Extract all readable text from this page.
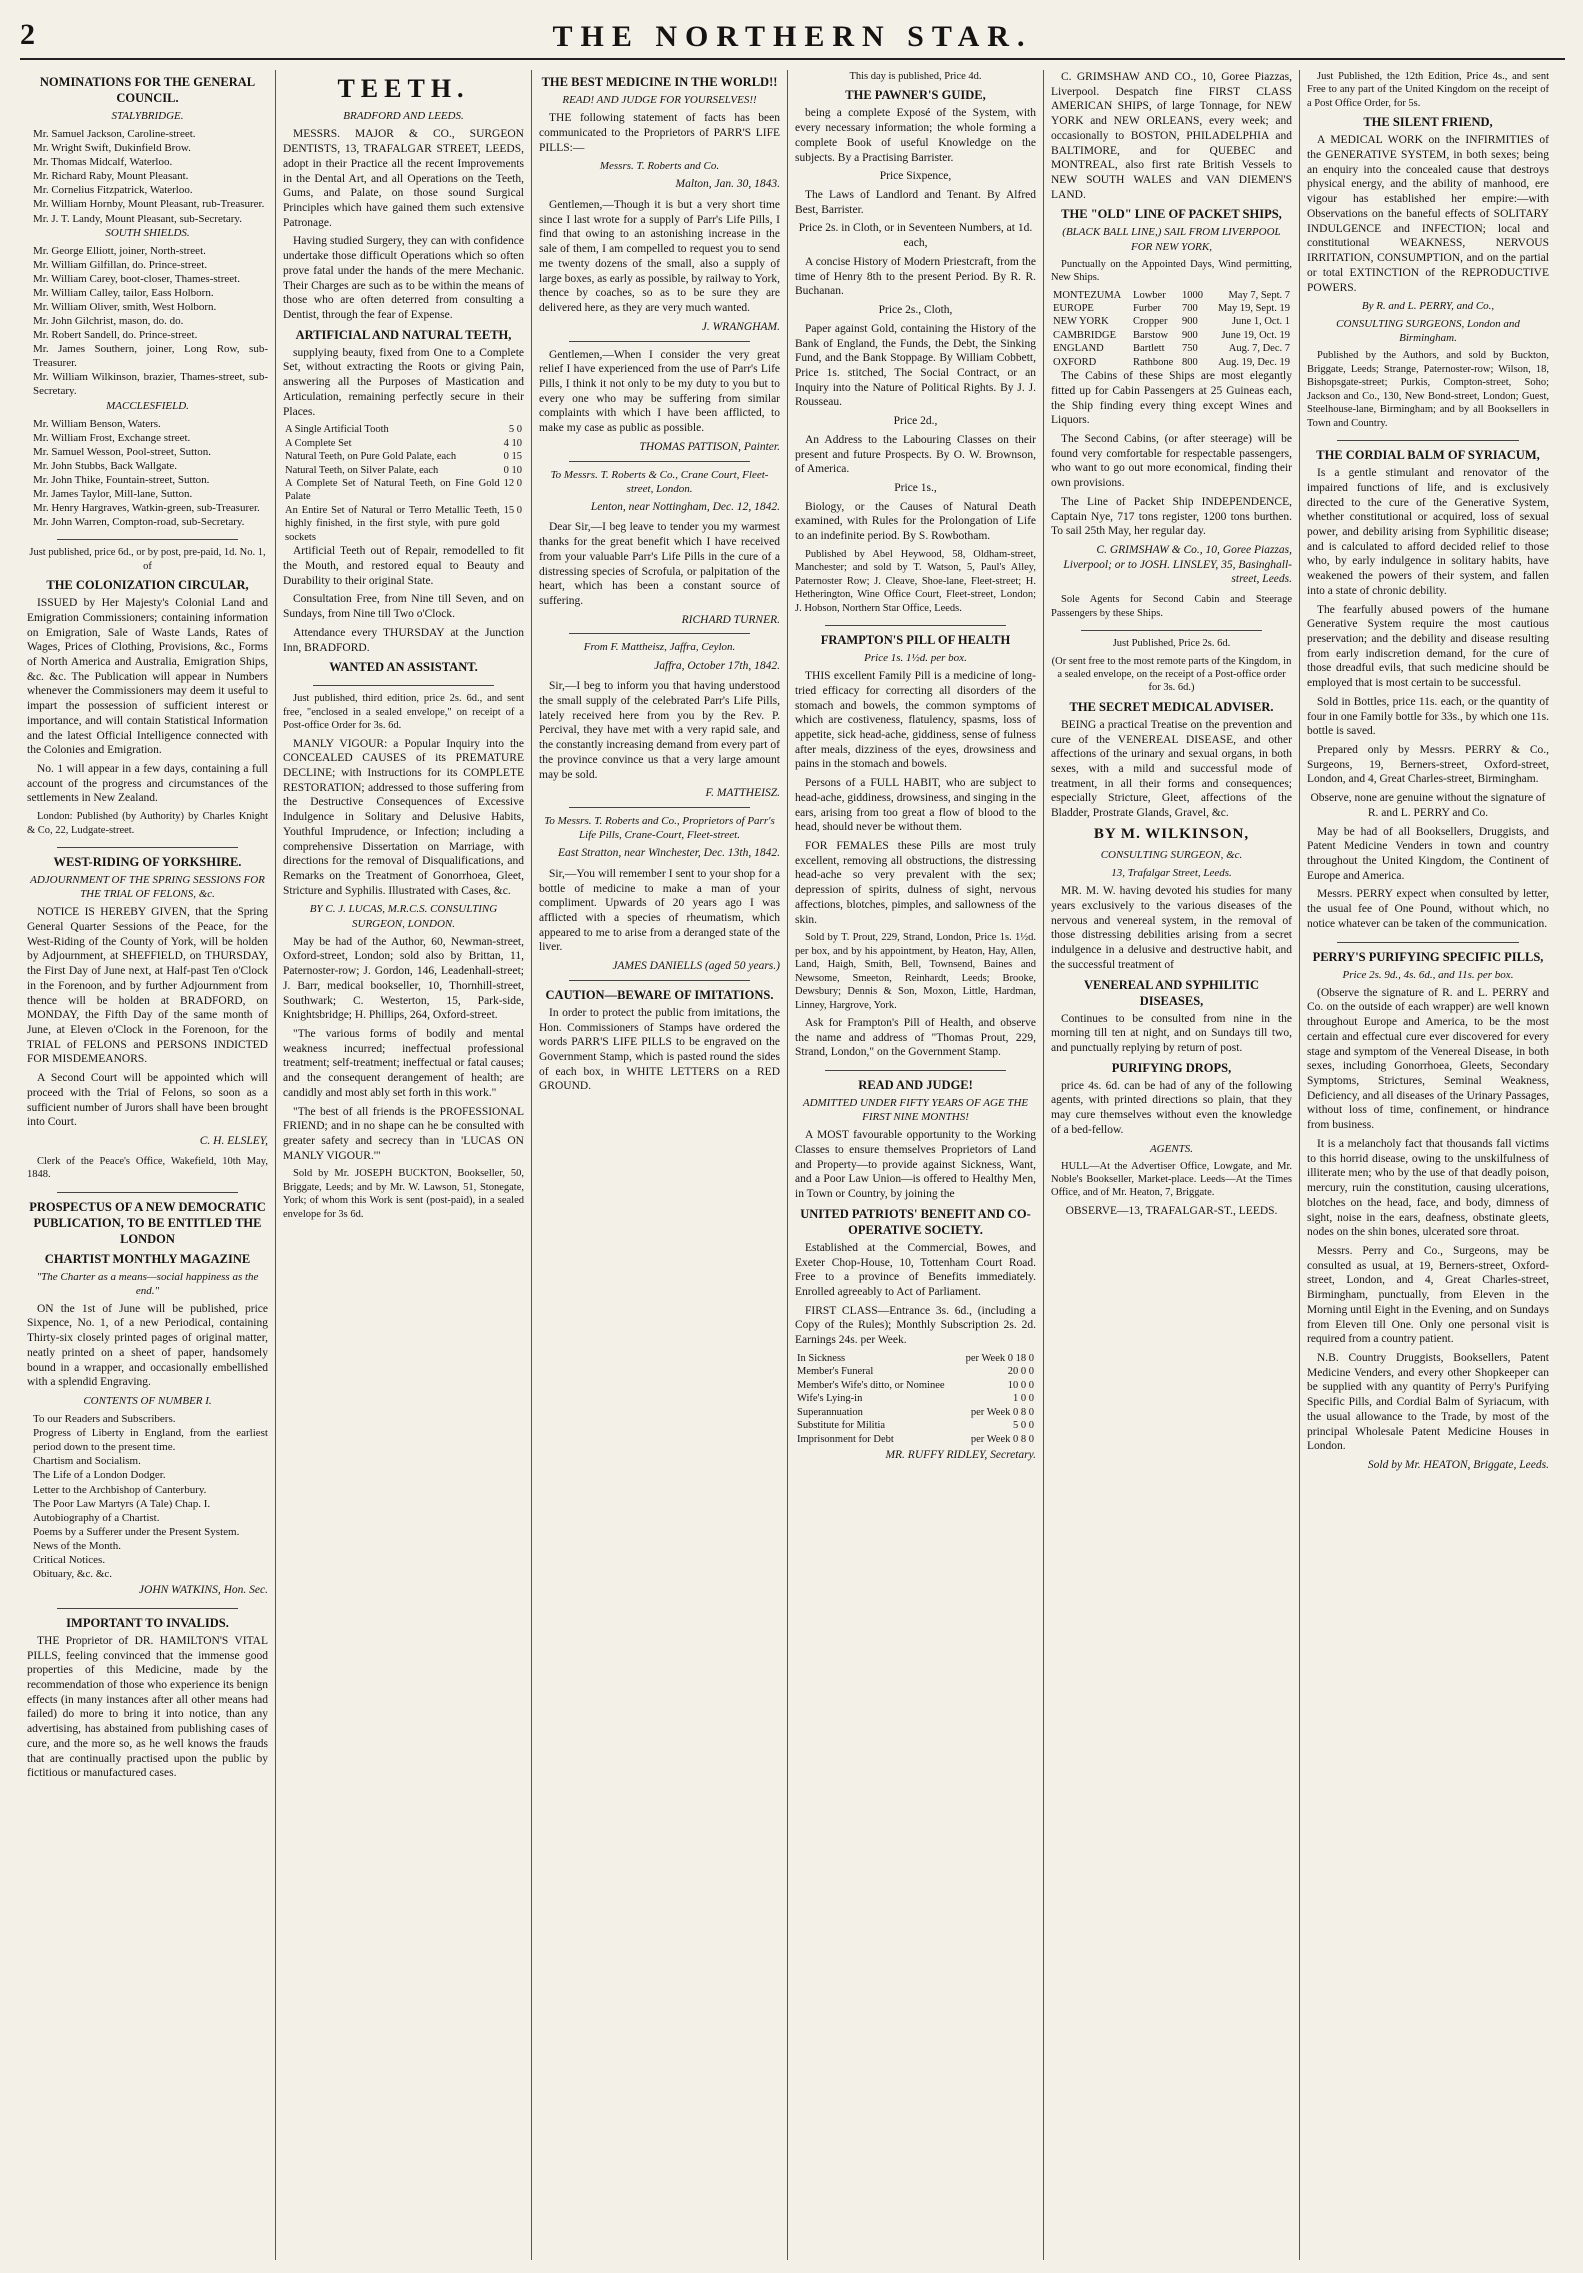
2	THE NORTHERN STAR.
NOMINATIONS FOR THE GENERAL COUNCIL.
STALYBRIDGE.
Mr. Samuel Jackson, Caroline-street.
Mr. Wright Swift, Dukinfield Brow.
Mr. Thomas Midcalf, Waterloo.
Mr. Richard Raby, Mount Pleasant.
Mr. Cornelius Fitzpatrick, Waterloo.
Mr. William Hornby, Mount Pleasant, rub-Treasurer.
Mr. J. T. Landy, Mount Pleasant, sub-Secretary.
SOUTH SHIELDS.
Mr. George Elliott, joiner, North-street.
Mr. William Gilfillan, do. Prince-street.
Mr. William Carey, boot-closer, Thames-street.
Mr. William Calley, tailor, Eass Holborn.
Mr. William Oliver, smith, West Holborn.
Mr. John Gilchrist, mason, do. do.
Mr. Robert Sandell, do. Prince-street.
Mr. James Southern, joiner, Long Row, sub-Treasurer.
Mr. William Wilkinson, brazier, Thames-street, sub-Secretary.
MACCLESFIELD.
Mr. William Benson, Waters.
Mr. William Frost, Exchange street.
Mr. Samuel Wesson, Pool-street, Sutton.
Mr. John Stubbs, Back Wallgate.
Mr. John Thike, Fountain-street, Sutton.
Mr. James Taylor, Mill-lane, Sutton.
Mr. Henry Hargraves, Watkin-green, sub-Treasurer.
Mr. John Warren, Compton-road, sub-Secretary.

Just published, price 6d., or by post, pre-paid, 1d. No. 1, of

THE COLONIZATION CIRCULAR,

ISSUED by Her Majesty's Colonial Land and Emigration Commissioners; containing information on Emigration, Sale of Waste Lands, Rates of Wages, Prices of Clothing, Provisions, &c., Forms of North America and Australia, Emigration Ships, &c. &c. The Publication will appear in Numbers whenever the Commissioners may deem it useful to impart the possession of sufficient interest or importance, and will contain Statistical Information and the latest Official Intelligence connected with the Colonies and Emigration.

No. 1 will appear in a few days, containing a full account of the progress and circumstances of the settlements in New Zealand.

London: Published (by Authority) by Charles Knight & Co, 22, Ludgate-street.

WEST-RIDING OF YORKSHIRE.
ADJOURNMENT OF THE SPRING SESSIONS FOR THE TRIAL OF FELONS, &c.

NOTICE IS HEREBY GIVEN, that the Spring General Quarter Sessions of the Peace, for the West-Riding of the County of York, will be holden by Adjournment, at SHEFFIELD, on THURSDAY, the First Day of June next, at Half-past Ten o'Clock in the Forenoon, and by further Adjournment from thence will be holden at BRADFORD, on MONDAY, the Fifth Day of the same month of June, at Eleven o'Clock in the Forenoon, for the TRIAL of FELONS and PERSONS INDICTED FOR MISDEMEANORS.

A Second Court will be appointed which will proceed with the Trial of Felons, so soon as a sufficient number of Jurors shall have been brought into Court.

C. H. ELSLEY,

Clerk of the Peace's Office, Wakefield, 10th May, 1848.

PROSPECTUS OF A NEW DEMOCRATIC PUBLICATION, TO BE ENTITLED THE LONDON
CHARTIST MONTHLY MAGAZINE
"The Charter as a means—social happiness as the end."

ON the 1st of June will be published, price Sixpence, No. 1, of a new Periodical, containing Thirty-six closely printed pages of original matter, neatly printed on a sheet of paper, handsomely bound in a wrapper, and occasionally embellished with a splendid Engraving.

CONTENTS OF NUMBER I.
To our Readers and Subscribers.
Progress of Liberty in England, from the earliest period down to the present time.
Chartism and Socialism.
The Life of a London Dodger.
Letter to the Archbishop of Canterbury.
The Poor Law Martyrs (A Tale) Chap. I.
Autobiography of a Chartist.
Poems by a Sufferer under the Present System.
News of the Month.
Critical Notices.
Obituary, &c. &c.
JOHN WATKINS, Hon. Sec.
IMPORTANT TO INVALIDS.

THE Proprietor of DR. HAMILTON'S VITAL PILLS, feeling convinced that the immense good properties of this Medicine, made by the recommendation of those who experience its benign effects (in many instances after all other means had failed) do more to bring it into notice, than any advertising, has abstained from publishing cases of cure, and the more so, as he well knows the frauds that are continually practised upon the public by fictitious or manufactured cases.

TEETH.
BRADFORD AND LEEDS.

MESSRS. MAJOR & CO., SURGEON DENTISTS, 13, TRAFALGAR STREET, LEEDS, adopt in their Practice all the recent Improvements in the Dental Art, and all Operations on the Teeth, Gums, and Palate, on those sound Surgical Principles which have gained them such extensive Patronage.

Having studied Surgery, they can with confidence undertake those difficult Operations which so often prove fatal under the hands of the mere Mechanic. Their Charges are such as to be within the means of those who are often deterred from consulting a Dentist, through the fear of Expense.

ARTIFICIAL AND NATURAL TEETH,

supplying beauty, fixed from One to a Complete Set, without extracting the Roots or giving Pain, answering all the Purposes of Mastication and Articulation, remaining perfectly secure in their Places.

A Single Artificial Tooth	5 0
A Complete Set	4 10
Natural Teeth, on Pure Gold Palate, each	0 15
Natural Teeth, on Silver Palate, each	0 10
A Complete Set of Natural Teeth, on Fine Gold Palate	12 0
An Entire Set of Natural or Terro Metallic Teeth, highly finished, in the first style, with pure gold sockets	15 0

Artificial Teeth out of Repair, remodelled to fit the Mouth, and restored equal to Beauty and Durability to their original State.

Consultation Free, from Nine till Seven, and on Sundays, from Nine till Two o'Clock.

Attendance every THURSDAY at the Junction Inn, BRADFORD.

WANTED AN ASSISTANT.

Just published, third edition, price 2s. 6d., and sent free, "enclosed in a sealed envelope," on receipt of a Post-office Order for 3s. 6d.

MANLY VIGOUR: a Popular Inquiry into the CONCEALED CAUSES of its PREMATURE DECLINE; with Instructions for its COMPLETE RESTORATION; addressed to those suffering from the Destructive Consequences of Excessive Indulgence in Solitary and Delusive Habits, Youthful Imprudence, or Infection; including a comprehensive Dissertation on Marriage, with directions for the removal of Disqualifications, and Remarks on the Treatment of Gonorrhoea, Gleet, Stricture and Syphilis. Illustrated with Cases, &c.

BY C. J. LUCAS, M.R.C.S. CONSULTING SURGEON, LONDON.

May be had of the Author, 60, Newman-street, Oxford-street, London; sold also by Brittan, 11, Paternoster-row; J. Gordon, 146, Leadenhall-street; J. Barr, medical bookseller, 10, Thornhill-street, Southwark; C. Westerton, 15, Park-side, Knightsbridge; H. Phillips, 264, Oxford-street.

"The various forms of bodily and mental weakness incurred; ineffectual professional treatment; self-treatment; ineffectual or fatal causes; and the consequent derangement of health; are candidly and most ably set forth in this work."

"The best of all friends is the PROFESSIONAL FRIEND; and in no shape can he be consulted with greater safety and secrecy than in 'LUCAS ON MANLY VIGOUR.'"

Sold by Mr. JOSEPH BUCKTON, Bookseller, 50, Briggate, Leeds; and by Mr. W. Lawson, 51, Stonegate, York; of whom this Work is sent (post-paid), in a sealed envelope for 3s 6d.

THE BEST MEDICINE IN THE WORLD!!
READ! AND JUDGE FOR YOURSELVES!!

THE following statement of facts has been communicated to the Proprietors of PARR'S LIFE PILLS:—

Messrs. T. Roberts and Co.
Malton, Jan. 30, 1843.

Gentlemen,—Though it is but a very short time since I last wrote for a supply of Parr's Life Pills, I find that owing to an astonishing increase in the sale of them, I am compelled to request you to send me twenty dozens of the small, also a supply of large boxes, as early as possible, by railway to York, thence by coaches, so as to be sure they are delivered here, as they are very much wanted.

J. WRANGHAM.

Gentlemen,—When I consider the very great relief I have experienced from the use of Parr's Life Pills, I think it not only to be my duty to you but to every one who may be suffering from similar complaints with which I have been afflicted, to make my case as public as possible.

THOMAS PATTISON, Painter.
To Messrs. T. Roberts & Co., Crane Court, Fleet-street, London.
Lenton, near Nottingham, Dec. 12, 1842.

Dear Sir,—I beg leave to tender you my warmest thanks for the great benefit which I have received from your valuable Parr's Life Pills in the cure of a distressing species of Scrofula, or palpitation of the heart, which has been a constant source of suffering.

RICHARD TURNER.
From F. Mattheisz, Jaffra, Ceylon.
Jaffra, October 17th, 1842.

Sir,—I beg to inform you that having understood the small supply of the celebrated Parr's Life Pills, lately received here from you by the Rev. P. Percival, they have met with a very rapid sale, and the constantly increasing demand from every part of the province convince us that a very large amount may be sold.

F. MATTHEISZ.
To Messrs. T. Roberts and Co., Proprietors of Parr's Life Pills, Crane-Court, Fleet-street.
East Stratton, near Winchester, Dec. 13th, 1842.

Sir,—You will remember I sent to your shop for a bottle of medicine to make a man of your compliment. Upwards of 20 years ago I was afflicted with a species of rheumatism, which appeared to me to arise from a deranged state of the liver.

JAMES DANIELLS (aged 50 years.)
CAUTION—BEWARE OF IMITATIONS.

In order to protect the public from imitations, the Hon. Commissioners of Stamps have ordered the words PARR'S LIFE PILLS to be engraved on the Government Stamp, which is pasted round the sides of each box, in WHITE LETTERS on a RED GROUND.

This day is published, Price 4d.

THE PAWNER'S GUIDE,

being a complete Exposé of the System, with every necessary information; the whole forming a complete Book of useful Knowledge on the subjects. By a Practising Barrister.

Price Sixpence,

The Laws of Landlord and Tenant. By Alfred Best, Barrister.

Price 2s. in Cloth, or in Seventeen Numbers, at 1d. each,

A concise History of Modern Priestcraft, from the time of Henry 8th to the present Period. By R. R. Buchanan.

Price 2s., Cloth,

Paper against Gold, containing the History of the Bank of England, the Funds, the Debt, the Sinking Fund, and the Bank Stoppage. By William Cobbett, Price 1s. stitched, The Social Contract, or an Inquiry into the Nature of Political Rights. By J. J. Rousseau.

Price 2d.,

An Address to the Labouring Classes on their present and future Prospects. By O. W. Brownson, of America.

Price 1s.,

Biology, or the Causes of Natural Death examined, with Rules for the Prolongation of Life to an indefinite period. By S. Rowbotham.

Published by Abel Heywood, 58, Oldham-street, Manchester; and sold by T. Watson, 5, Paul's Alley, Paternoster Row; J. Cleave, Shoe-lane, Fleet-street; H. Hetherington, Wine Office Court, Fleet-street, London; J. Hobson, Northern Star Office, Leeds.

FRAMPTON'S PILL OF HEALTH
Price 1s. 1½d. per box.

THIS excellent Family Pill is a medicine of long-tried efficacy for correcting all disorders of the stomach and bowels, the common symptoms of which are costiveness, flatulency, spasms, loss of appetite, sick head-ache, giddiness, sense of fulness after meals, dizziness of the eyes, drowsiness and pains in the stomach and bowels.

Persons of a FULL HABIT, who are subject to head-ache, giddiness, drowsiness, and singing in the ears, arising from too great a flow of blood to the head, should never be without them.

FOR FEMALES these Pills are most truly excellent, removing all obstructions, the distressing head-ache so very prevalent with the sex; depression of spirits, dulness of sight, nervous affections, blotches, pimples, and sallowness of the skin.

Sold by T. Prout, 229, Strand, London, Price 1s. 1½d. per box, and by his appointment, by Heaton, Hay, Allen, Land, Haigh, Smith, Bell, Townsend, Baines and Newsome, Smeeton, Reinhardt, Leeds; Brooke, Dewsbury; Dennis & Son, Moxon, Little, Hardman, Linney, Hargrove, York.

Ask for Frampton's Pill of Health, and observe the name and address of "Thomas Prout, 229, Strand, London," on the Government Stamp.

READ AND JUDGE!
ADMITTED UNDER FIFTY YEARS OF AGE THE FIRST NINE MONTHS!

A MOST favourable opportunity to the Working Classes to ensure themselves Proprietors of Land and Property—to provide against Sickness, Want, and a Poor Law Union—is offered to Healthy Men, in Town or Country, by joining the

UNITED PATRIOTS' BENEFIT AND CO-OPERATIVE SOCIETY.

Established at the Commercial, Bowes, and Exeter Chop-House, 10, Tottenham Court Road. Free to a province of Benefits immediately. Enrolled agreeably to Act of Parliament.

FIRST CLASS—Entrance 3s. 6d., (including a Copy of the Rules); Monthly Subscription 2s. 2d. Earnings 24s. per Week.

In Sickness	per Week 0 18 0
Member's Funeral	20 0 0
Member's Wife's ditto, or Nominee	10 0 0
Wife's Lying-in	1 0 0
Superannuation	per Week 0 8 0
Substitute for Militia	5 0 0
Imprisonment for Debt	per Week 0 8 0
MR. RUFFY RIDLEY, Secretary.

C. GRIMSHAW AND CO., 10, Goree Piazzas, Liverpool. Despatch fine FIRST CLASS AMERICAN SHIPS, of large Tonnage, for NEW YORK and NEW ORLEANS, every week; and occasionally to BOSTON, PHILADELPHIA and BALTIMORE, and for QUEBEC and MONTREAL, also first rate British Vessels to NEW SOUTH WALES and VAN DIEMEN'S LAND.

THE "OLD" LINE OF PACKET SHIPS,
(BLACK BALL LINE,) SAIL FROM LIVERPOOL FOR NEW YORK,

Punctually on the Appointed Days, Wind permitting, New Ships.

MONTEZUMA	Lowber	1000	May 7, Sept. 7
EUROPE	Furber	700	May 19, Sept. 19
NEW YORK	Cropper	900	June 1, Oct. 1
CAMBRIDGE	Barstow	900	June 19, Oct. 19
ENGLAND	Bartlett	750	Aug. 7, Dec. 7
OXFORD	Rathbone	800	Aug. 19, Dec. 19

The Cabins of these Ships are most elegantly fitted up for Cabin Passengers at 25 Guineas each, the Ship finding every thing except Wines and Liquors.

The Second Cabins, (or after steerage) will be found very comfortable for respectable passengers, who want to go out more economical, finding their own provisions.

The Line of Packet Ship INDEPENDENCE, Captain Nye, 717 tons register, 1200 tons burthen. To sail 25th May, her regular day.

C. GRIMSHAW & Co., 10, Goree Piazzas, Liverpool; or to JOSH. LINSLEY, 35, Basinghall-street, Leeds.

Sole Agents for Second Cabin and Steerage Passengers by these Ships.

Just Published, Price 2s. 6d.

(Or sent free to the most remote parts of the Kingdom, in a sealed envelope, on the receipt of a Post-office order for 3s. 6d.)

THE SECRET MEDICAL ADVISER.

BEING a practical Treatise on the prevention and cure of the VENEREAL DISEASE, and other affections of the urinary and sexual organs, in both sexes, with a mild and successful mode of treatment, in all their forms and consequences; especially Stricture, Gleet, affections of the Bladder, Prostrate Glands, Gravel, &c.

BY M. WILKINSON,
CONSULTING SURGEON, &c.
13, Trafalgar Street, Leeds.

MR. M. W. having devoted his studies for many years exclusively to the various diseases of the nervous and venereal system, in the removal of those distressing debilities arising from a secret indulgence in a delusive and destructive habit, and the successful treatment of

VENEREAL AND SYPHILITIC DISEASES,

Continues to be consulted from nine in the morning till ten at night, and on Sundays till two, and punctually replying by return of post.

PURIFYING DROPS,

price 4s. 6d. can be had of any of the following agents, with printed directions so plain, that they may cure themselves without even the knowledge of a bed-fellow.

AGENTS.

HULL—At the Advertiser Office, Lowgate, and Mr. Noble's Bookseller, Market-place. Leeds—At the Times Office, and of Mr. Heaton, 7, Briggate.

OBSERVE—13, TRAFALGAR-ST., LEEDS.

Just Published, the 12th Edition, Price 4s., and sent Free to any part of the United Kingdom on the receipt of a Post Office Order, for 5s.

THE SILENT FRIEND,

A MEDICAL WORK on the INFIRMITIES of the GENERATIVE SYSTEM, in both sexes; being an enquiry into the concealed cause that destroys physical energy, and the ability of manhood, ere vigour has established her empire:—with Observations on the baneful effects of SOLITARY INDULGENCE and INFECTION; local and constitutional WEAKNESS, NERVOUS IRRITATION, CONSUMPTION, and on the partial or total EXTINCTION of the REPRODUCTIVE POWERS.

By R. and L. PERRY, and Co.,
CONSULTING SURGEONS, London and Birmingham.

Published by the Authors, and sold by Buckton, Briggate, Leeds; Strange, Paternoster-row; Wilson, 18, Bishopsgate-street; Purkis, Compton-street, Soho; Jackson and Co., 130, New Bond-street, London; Guest, Steelhouse-lane, Birmingham; and by all Booksellers in Town and Country.

THE CORDIAL BALM OF SYRIACUM,

Is a gentle stimulant and renovator of the impaired functions of life, and is exclusively directed to the cure of the Generative System, whether constitutional or acquired, loss of sexual power, and debility arising from Syphilitic disease; and is calculated to afford decided relief to those who, by early indulgence in solitary habits, have weakened the powers of their system, and fallen into a state of chronic debility.

The fearfully abused powers of the humane Generative System require the most cautious preservation; and the debility and disease resulting from early indiscretion demand, for the cure of those dreadful evils, that such medicine should be employed that is most certain to be successful.

Sold in Bottles, price 11s. each, or the quantity of four in one Family bottle for 33s., by which one 11s. bottle is saved.

Prepared only by Messrs. PERRY & Co., Surgeons, 19, Berners-street, Oxford-street, London, and 4, Great Charles-street, Birmingham.

Observe, none are genuine without the signature of R. and L. PERRY and Co.

May be had of all Booksellers, Druggists, and Patent Medicine Venders in town and country throughout the United Kingdom, the Continent of Europe and America.

Messrs. PERRY expect when consulted by letter, the usual fee of One Pound, without which, no notice whatever can be taken of the communication.

PERRY'S PURIFYING SPECIFIC PILLS,
Price 2s. 9d., 4s. 6d., and 11s. per box.

(Observe the signature of R. and L. PERRY and Co. on the outside of each wrapper) are well known throughout Europe and America, to be the most certain and effectual cure ever discovered for every stage and symptom of the Venereal Disease, in both sexes, including Gonorrhoea, Gleets, Secondary Symptoms, Strictures, Seminal Weakness, Deficiency, and all diseases of the Urinary Passages, without loss of time, confinement, or hindrance from business.

It is a melancholy fact that thousands fall victims to this horrid disease, owing to the unskilfulness of illiterate men; who by the use of that deadly poison, mercury, ruin the constitution, causing ulcerations, blotches on the head, face, and body, dimness of sight, noise in the ears, deafness, obstinate gleets, nodes on the shin bones, ulcerated sore throat.

Messrs. Perry and Co., Surgeons, may be consulted as usual, at 19, Berners-street, Oxford-street, London, and 4, Great Charles-street, Birmingham, punctually, from Eleven in the Morning until Eight in the Evening, and on Sundays from Eleven till One. Only one personal visit is required from a country patient.

N.B. Country Druggists, Booksellers, Patent Medicine Venders, and every other Shopkeeper can be supplied with any quantity of Perry's Purifying Specific Pills, and Cordial Balm of Syriacum, with the usual allowance to the Trade, by most of the principal Wholesale Patent Medicine Houses in London.

Sold by Mr. HEATON, Briggate, Leeds.
